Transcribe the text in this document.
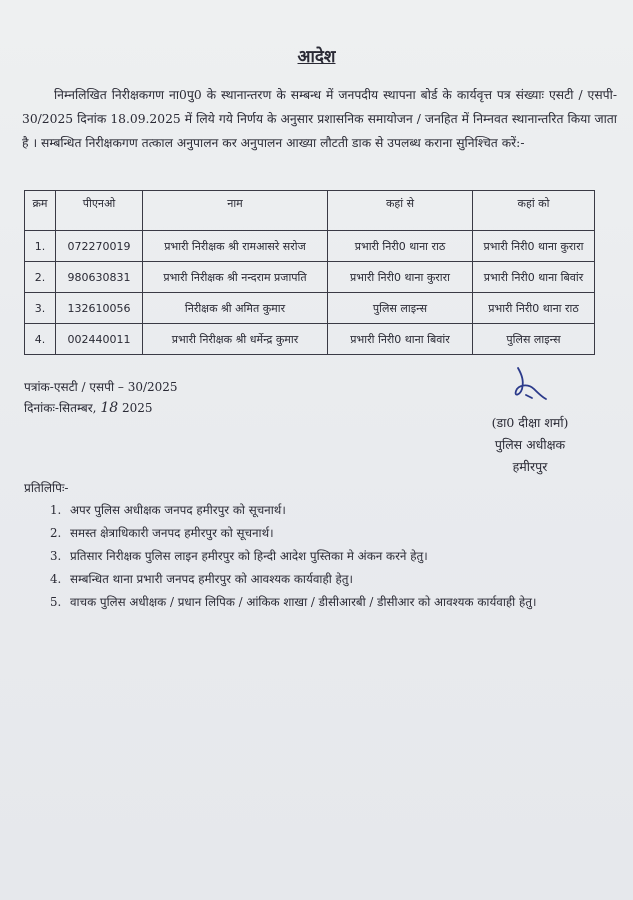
आदेश
निम्नलिखित निरीक्षकगण ना0पु0 के स्थानान्तरण के सम्बन्ध में जनपदीय स्थापना बोर्ड के कार्यवृत्त पत्र संख्याः एसटी / एसपी- 30/2025 दिनांक 18.09.2025 में लिये गये निर्णय के अनुसार प्रशासनिक समायोजन / जनहित में निम्नवत स्थानान्तरित किया जाता है । सम्बन्धित निरीक्षकगण तत्काल अनुपालन कर अनुपालन आख्या लौटती डाक से उपलब्ध कराना सुनिश्चित करें:-
क्रम	पीएनओ	नाम	कहां से	कहां को
1.	072270019	प्रभारी निरीक्षक श्री रामआसरे सरोज	प्रभारी निरी0 थाना राठ	प्रभारी निरी0 थाना कुरारा
2.	980630831	प्रभारी निरीक्षक श्री नन्दराम प्रजापति	प्रभारी निरी0 थाना कुरारा	प्रभारी निरी0 थाना बिवांर
3.	132610056	निरीक्षक श्री अमित कुमार	पुलिस लाइन्स	प्रभारी निरी0 थाना राठ
4.	002440011	प्रभारी निरीक्षक श्री धर्मेन्द्र कुमार	प्रभारी निरी0 थाना बिवांर	पुलिस लाइन्स
पत्रांक-एसटी / एसपी – 30/2025
दिनांकः-सितम्बर, 18 2025
(डा0 दीक्षा शर्मा)
पुलिस अधीक्षक
हमीरपुर
प्रतिलिपिः-
1. अपर पुलिस अधीक्षक जनपद हमीरपुर को सूचनार्थ।
2. समस्त क्षेत्राधिकारी जनपद हमीरपुर को सूचनार्थ।
3. प्रतिसार निरीक्षक पुलिस लाइन हमीरपुर को हिन्दी आदेश पुस्तिका मे अंकन करने हेतु।
4. सम्बन्धित थाना प्रभारी जनपद हमीरपुर को आवश्यक कार्यवाही हेतु।
5. वाचक पुलिस अधीक्षक / प्रधान लिपिक / आंकिक शाखा / डीसीआरबी / डीसीआर को आवश्यक कार्यवाही हेतु।
